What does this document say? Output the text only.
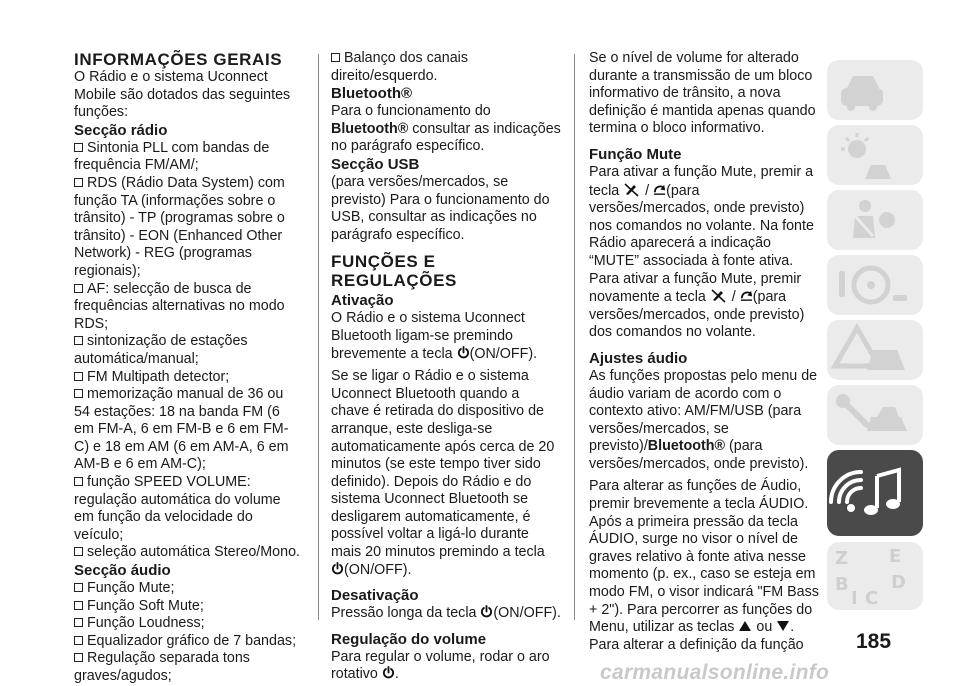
INFORMAÇÕES GERAIS

O Rádio e o sistema Uconnect Mobile são dotados das seguintes funções:

Secção rádio

Sintonia PLL com bandas de frequência FM/AM/;

RDS (Rádio Data System) com função TA (informações sobre o trânsito) - TP (programas sobre o trânsito) - EON (Enhanced Other Network) - REG (programas regionais);

AF: selecção de busca de frequências alternativas no modo RDS;

sintonização de estações automática/manual;

FM Multipath detector;

memorização manual de 36 ou 54 estações: 18 na banda FM (6 em FM-A, 6 em FM-B e 6 em FM-C) e 18 em AM (6 em AM-A, 6 em AM-B e 6 em AM-C);

função SPEED VOLUME: regulação automática do volume em função da velocidade do veículo;

seleção automática Stereo/Mono.

Secção áudio

Função Mute;

Função Soft Mute;

Função Loudness;

Equalizador gráfico de 7 bandas;

Regulação separada tons graves/agudos;

Balanço dos canais direito/esquerdo.

Bluetooth®

Para o funcionamento do Bluetooth® consultar as indicações no parágrafo específico.

Secção USB

(para versões/mercados, se previsto) Para o funcionamento do USB, consultar as indicações no parágrafo específico.

FUNÇÕES E REGULAÇÕES
Ativação

O Rádio e o sistema Uconnect Bluetooth ligam-se premindo brevemente a tecla (ON/OFF).

Se se ligar o Rádio e o sistema Uconnect Bluetooth quando a chave é retirada do dispositivo de arranque, este desliga-se automaticamente após cerca de 20 minutos (se este tempo tiver sido definido). Depois do Rádio e do sistema Uconnect Bluetooth se desligarem automaticamente, é possível voltar a ligá-lo durante mais 20 minutos premindo a tecla (ON/OFF).

Desativação

Pressão longa da tecla (ON/OFF).

Regulação do volume

Para regular o volume, rodar o aro rotativo .

Se o nível de volume for alterado durante a transmissão de um bloco informativo de trânsito, a nova definição é mantida apenas quando termina o bloco informativo.

Função Mute

Para ativar a função Mute, premir a tecla  / (para versões/mercados, onde previsto) nos comandos no volante. Na fonte Rádio aparecerá a indicação “MUTE” associada à fonte ativa. Para ativar a função Mute, premir novamente a tecla  / (para versões/mercados, onde previsto) dos comandos no volante.

Ajustes áudio

As funções propostas pelo menu de áudio variam de acordo com o contexto ativo: AM/FM/USB (para versões/mercados, se previsto)/Bluetooth® (para versões/mercados, onde previsto).

Para alterar as funções de Áudio, premir brevemente a tecla ÁUDIO. Após a primeira pressão da tecla ÁUDIO, surge no visor o nível de graves relativo à fonte ativa nesse momento (p. ex., caso se esteja em modo FM, o visor indicará "FM Bass + 2"). Para percorrer as funções do Menu, utilizar as teclas  ou .

Para alterar a definição da função

Z E
B
C
D
I
185
carmanualsonline.info
